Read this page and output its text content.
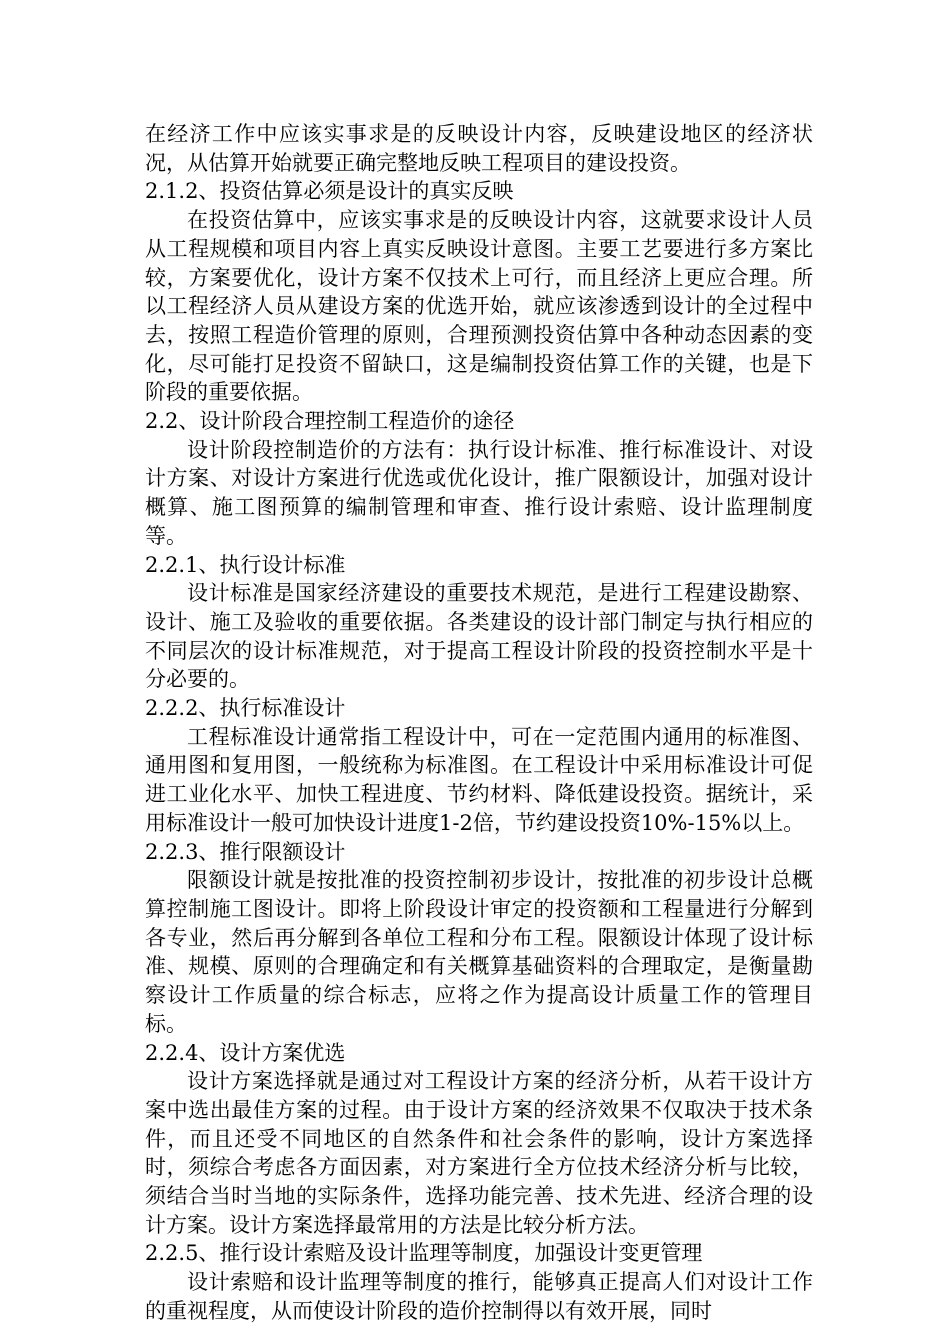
在经济工作中应该实事求是的反映设计内容，反映建设地区的经济状况，从估算开始就要正确完整地反映工程项目的建设投资。

2.1.2、投资估算必须是设计的真实反映

在投资估算中，应该实事求是的反映设计内容，这就要求设计人员从工程规模和项目内容上真实反映设计意图。主要工艺要进行多方案比较，方案要优化，设计方案不仅技术上可行，而且经济上更应合理。所以工程经济人员从建设方案的优选开始，就应该渗透到设计的全过程中去，按照工程造价管理的原则，合理预测投资估算中各种动态因素的变化，尽可能打足投资不留缺口，这是编制投资估算工作的关键，也是下阶段的重要依据。

2.2、设计阶段合理控制工程造价的途径

设计阶段控制造价的方法有：执行设计标准、推行标准设计、对设计方案、对设计方案进行优选或优化设计，推广限额设计，加强对设计概算、施工图预算的编制管理和审查、推行设计索赔、设计监理制度等。

2.2.1、执行设计标准

设计标准是国家经济建设的重要技术规范，是进行工程建设勘察、设计、施工及验收的重要依据。各类建设的设计部门制定与执行相应的不同层次的设计标准规范，对于提高工程设计阶段的投资控制水平是十分必要的。

2.2.2、执行标准设计

工程标准设计通常指工程设计中，可在一定范围内通用的标准图、通用图和复用图，一般统称为标准图。在工程设计中采用标准设计可促进工业化水平、加快工程进度、节约材料、降低建设投资。据统计，采用标准设计一般可加快设计进度1-2倍，节约建设投资10%-15%以上。

2.2.3、推行限额设计

限额设计就是按批准的投资控制初步设计，按批准的初步设计总概算控制施工图设计。即将上阶段设计审定的投资额和工程量进行分解到各专业，然后再分解到各单位工程和分布工程。限额设计体现了设计标准、规模、原则的合理确定和有关概算基础资料的合理取定，是衡量勘察设计工作质量的综合标志，应将之作为提高设计质量工作的管理目标。

2.2.4、设计方案优选

设计方案选择就是通过对工程设计方案的经济分析，从若干设计方案中选出最佳方案的过程。由于设计方案的经济效果不仅取决于技术条件，而且还受不同地区的自然条件和社会条件的影响，设计方案选择时，须综合考虑各方面因素，对方案进行全方位技术经济分析与比较，须结合当时当地的实际条件，选择功能完善、技术先进、经济合理的设计方案。设计方案选择最常用的方法是比较分析方法。

2.2.5、推行设计索赔及设计监理等制度，加强设计变更管理

设计索赔和设计监理等制度的推行，能够真正提高人们对设计工作的重视程度，从而使设计阶段的造价控制得以有效开展，同时
